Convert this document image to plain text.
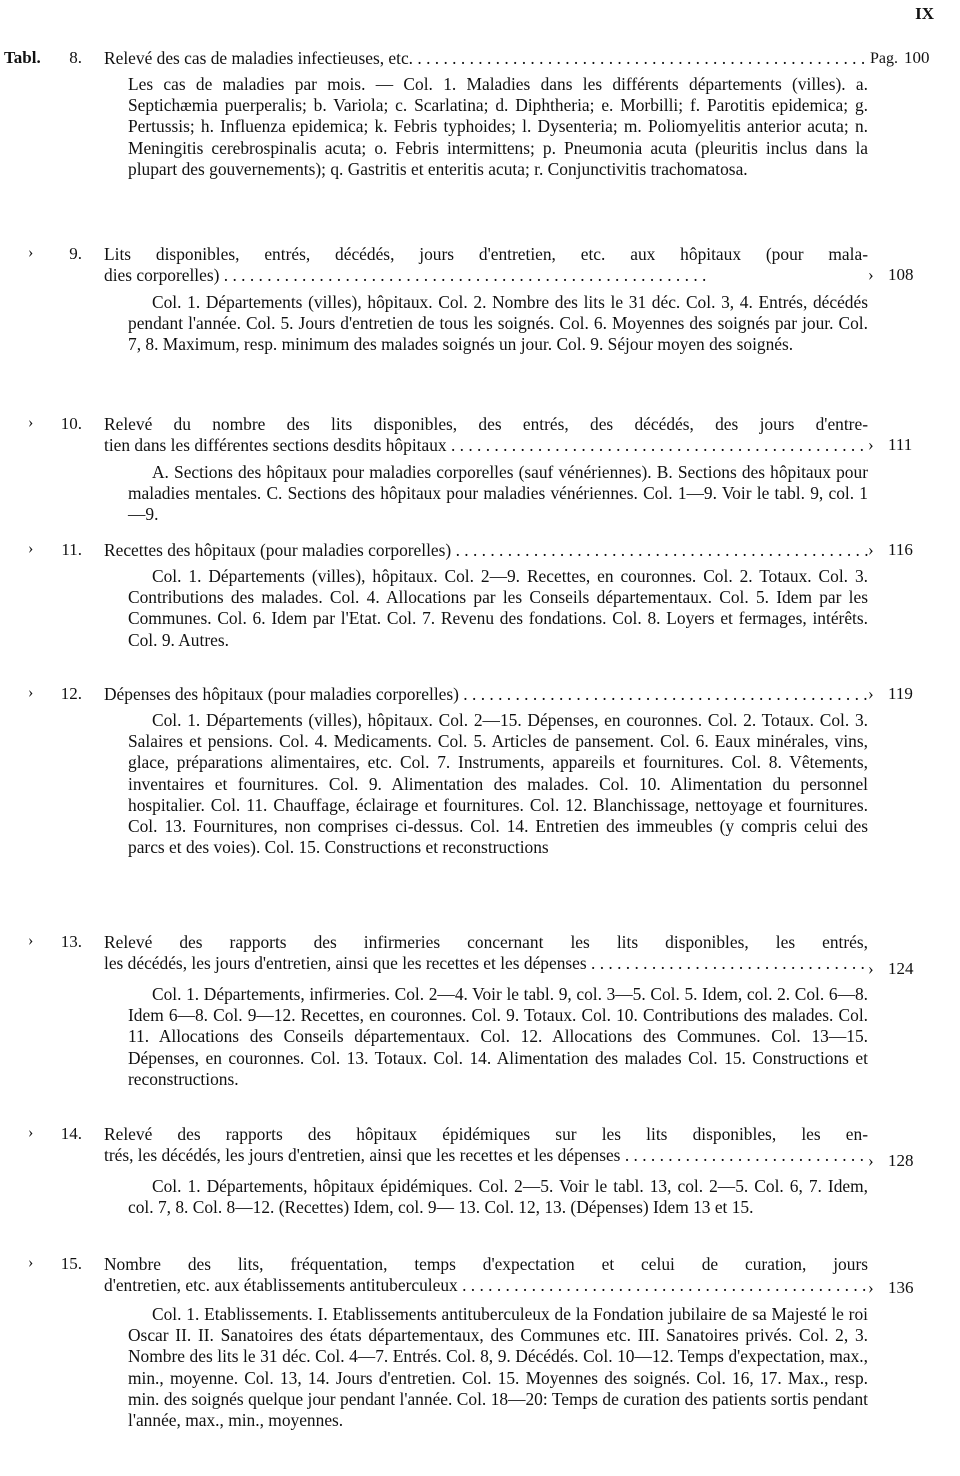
IX
Tabl.	8. Relevé des cas de maladies infectieuses, etc. . . .	Pag. 100
Les cas de maladies par mois. — Col. 1. Maladies dans les différents départements (villes). a. Septichæmia puerperalis; b. Variola; c. Scarlatina; d. Diphtheria; e. Morbilli; f. Parotitis epidemica; g. Pertussis; h. Influenza epidemica; k. Febris typhoides; l. Dysenteria; m. Poliomyelitis anterior acuta; n. Meningitis cerebrospinalis acuta; o. Febris intermittens; p. Pneumonia acuta (pleuritis inclus dans la plupart des gouvernements); q. Gastritis et enteritis acuta; r. Conjunctivitis trachomatosa.
›	9. Lits disponibles, entrés, décédés, jours d'entretien, etc. aux hôpitaux (pour mala-
dies corporelles) . . .	› 108
Col. 1. Départements (villes), hôpitaux. Col. 2. Nombre des lits le 31 déc. Col. 3, 4. Entrés, décédés pendant l'année. Col. 5. Jours d'entretien de tous les soignés. Col. 6. Moyennes des soignés par jour. Col. 7, 8. Maximum, resp. minimum des malades soignés un jour. Col. 9. Séjour moyen des soignés.
›	10. Relevé du nombre des lits disponibles, des entrés, des décédés, des jours d'entre-
tien dans les différentes sections desdits hôpitaux . . .	› 111
A. Sections des hôpitaux pour maladies corporelles (sauf vénériennes). B. Sections des hôpitaux pour maladies mentales. C. Sections des hôpitaux pour maladies vénériennes. Col. 1—9. Voir le tabl. 9, col. 1—9.
›	11. Recettes des hôpitaux (pour maladies corporelles) . . .	› 116
Col. 1. Départements (villes), hôpitaux. Col. 2—9. Recettes, en couronnes. Col. 2. Totaux. Col. 3. Contributions des malades. Col. 4. Allocations par les Conseils départementaux. Col. 5. Idem par les Communes. Col. 6. Idem par l'Etat. Col. 7. Revenu des fondations. Col. 8. Loyers et fermages, intérêts. Col. 9. Autres.
›	12. Dépenses des hôpitaux (pour maladies corporelles) . . .	› 119
Col. 1. Départements (villes), hôpitaux. Col. 2—15. Dépenses, en couronnes. Col. 2. Totaux. Col. 3. Salaires et pensions. Col. 4. Medicaments. Col. 5. Articles de pansement. Col. 6. Eaux minérales, vins, glace, préparations alimentaires, etc. Col. 7. Instruments, appareils et fournitures. Col. 8. Vêtements, inventaires et fournitures. Col. 9. Alimentation des malades. Col. 10. Alimentation du personnel hospitalier. Col. 11. Chauffage, éclairage et fournitures. Col. 12. Blanchissage, nettoyage et fournitures. Col. 13. Fournitures, non comprises ci-dessus. Col. 14. Entretien des immeubles (y compris celui des parcs et des voies). Col. 15. Constructions et reconstructions
›	13. Relevé des rapports des infirmeries concernant les lits disponibles, les entrés,
les décédés, les jours d'entretien, ainsi que les recettes et les dépenses . . .	› 124
Col. 1. Départements, infirmeries. Col. 2—4. Voir le tabl. 9, col. 3—5. Col. 5. Idem, col. 2. Col. 6—8. Idem 6—8. Col. 9—12. Recettes, en couronnes. Col. 9. Totaux. Col. 10. Contributions des malades. Col. 11. Allocations des Conseils départementaux. Col. 12. Allocations des Communes. Col. 13—15. Dépenses, en couronnes. Col. 13. Totaux. Col. 14. Alimentation des malades Col. 15. Constructions et reconstructions.
›	14. Relevé des rapports des hôpitaux épidémiques sur les lits disponibles, les en-
trés, les décédés, les jours d'entretien, ainsi que les recettes et les dépenses . . .	› 128
Col. 1. Départements, hôpitaux épidémiques. Col. 2—5. Voir le tabl. 13, col. 2—5. Col. 6, 7. Idem, col. 7, 8. Col. 8—12. (Recettes) Idem, col. 9— 13. Col. 12, 13. (Dépenses) Idem 13 et 15.
›	15. Nombre des lits, fréquentation, temps d'expectation et celui de curation, jours
d'entretien, etc. aux établissements antituberculeux . . .	› 136
Col. 1. Etablissements. I. Etablissements antituberculeux de la Fondation jubilaire de sa Majesté le roi Oscar II. II. Sanatoires des états départementaux, des Communes etc. III. Sanatoires privés. Col. 2, 3. Nombre des lits le 31 déc. Col. 4—7. Entrés. Col. 8, 9. Décédés. Col. 10—12. Temps d'expectation, max., min., moyenne. Col. 13, 14. Jours d'entretien. Col. 15. Moyennes des soignés. Col. 16, 17. Max., resp. min. des soignés quelque jour pendant l'année. Col. 18—20: Temps de curation des patients sortis pendant l'année, max., min., moyennes.
